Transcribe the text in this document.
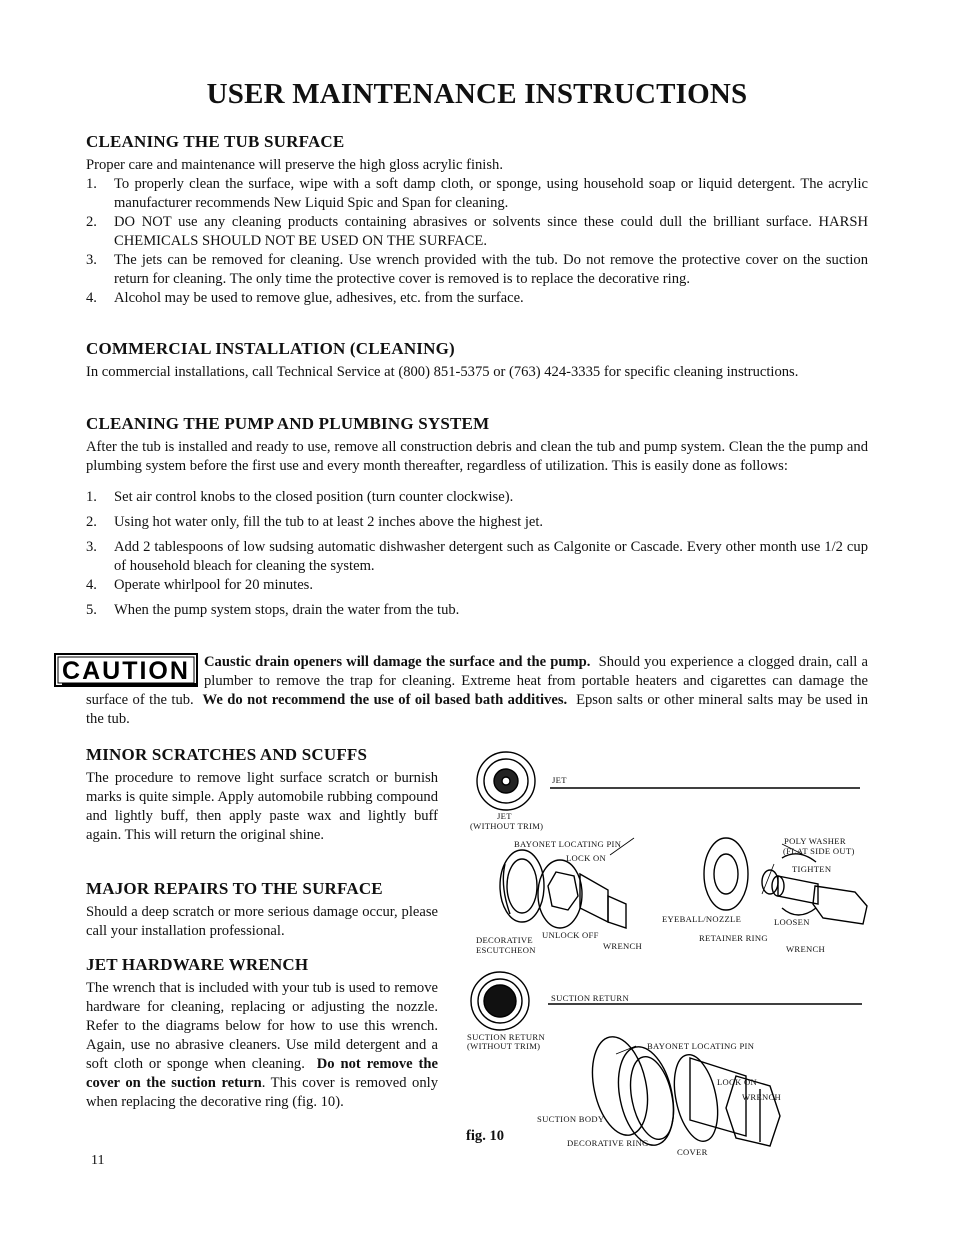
USER MAINTENANCE INSTRUCTIONS
CLEANING THE TUB SURFACE

Proper care and maintenance will preserve the high gloss acrylic finish.

1. To properly clean the surface, wipe with a soft damp cloth, or sponge, using household soap or liquid detergent. The acrylic manufacturer recommends New Liquid Spic and Span for cleaning.
2. DO NOT use any cleaning products containing abrasives or solvents since these could dull the brilliant surface. HARSH CHEMICALS SHOULD NOT BE USED ON THE SURFACE.
3. The jets can be removed for cleaning. Use wrench provided with the tub. Do not remove the protective cover on the suction return for cleaning. The only time the protective cover is removed is to replace the decorative ring.
4. Alcohol may be used to remove glue, adhesives, etc. from the surface.
COMMERCIAL INSTALLATION (CLEANING)

In commercial installations, call Technical Service at (800) 851-5375 or (763) 424-3335 for specific cleaning instructions.

CLEANING THE PUMP AND PLUMBING SYSTEM

After the tub is installed and ready to use, remove all construction debris and clean the tub and pump system. Clean the the pump and plumbing system before the first use and every month thereafter, regardless of utilization. This is easily done as follows:

1. Set air control knobs to the closed position (turn counter clockwise).
2. Using hot water only, fill the tub to at least 2 inches above the highest jet.
3. Add 2 tablespoons of low sudsing automatic dishwasher detergent such as Calgonite or Cascade. Every other month use 1/2 cup of household bleach for cleaning the system.
4. Operate whirlpool for 20 minutes.
5. When the pump system stops, drain the water from the tub.
CAUTION Caustic drain openers will damage the surface and the pump. Should you experience a clogged drain, call a plumber to remove the trap for cleaning. Extreme heat from portable heaters and cigarettes can damage the surface of the tub. We do not recommend the use of oil based bath additives. Epson salts or other mineral salts may be used in the tub.
MINOR SCRATCHES AND SCUFFS

The procedure to remove light surface scratch or burnish marks is quite simple. Apply automobile rubbing compound and lightly buff, then apply paste wax and lightly buff again. This will return the original shine.

MAJOR REPAIRS TO THE SURFACE

Should a deep scratch or more serious damage occur, please call your installation professional.

JET HARDWARE WRENCH

The wrench that is included with your tub is used to remove hardware for cleaning, replacing or adjusting the nozzle. Refer to the diagrams below for how to use this wrench. Again, use no abrasive cleaners. Use mild detergent and a soft cloth or sponge when cleaning. Do not remove the cover on the suction return. This cover is removed only when replacing the decorative ring (fig. 10).

JET
JET
(WITHOUT TRIM)
BAYONET LOCATING PIN
LOCK ON
UNLOCK OFF
WRENCH
DECORATIVE
ESCUTCHEON
POLY WASHER
(FLAT SIDE OUT)
TIGHTEN
EYEBALL/NOZZLE	LOOSEN
RETAINER RING
WRENCH
SUCTION RETURN
SUCTION RETURN
(WITHOUT TRIM)	BAYONET LOCATING PIN
LOCK ON
WRENCH
SUCTION BODY
DECORATIVE RING
COVER
fig. 10
11
